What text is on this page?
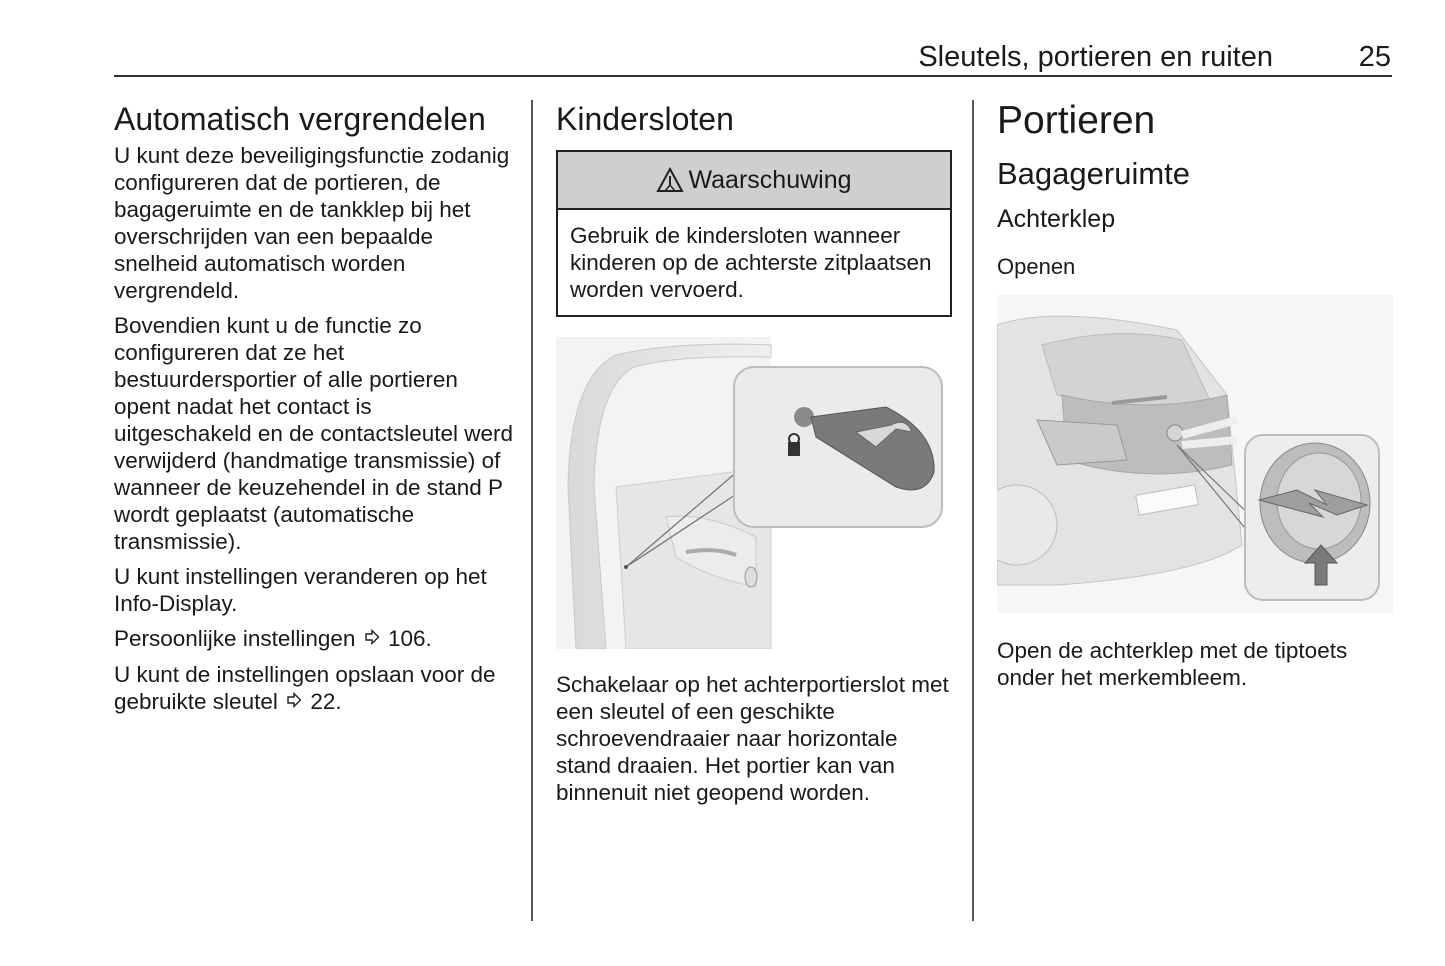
Sleutels, portieren en ruiten	25
Automatisch vergrendelen

U kunt deze beveiligingsfunctie zodanig configureren dat de portieren, de bagageruimte en de tankklep bij het overschrijden van een bepaalde snelheid automatisch worden vergrendeld.

Bovendien kunt u de functie zo configureren dat ze het bestuurdersportier of alle portieren opent nadat het contact is uitgeschakeld en de contactsleutel werd verwijderd (handmatige transmissie) of wanneer de keuzehendel in de stand P wordt geplaatst (automatische transmissie).

U kunt instellingen veranderen op het Info-Display.

Persoonlijke instellingen 106.

U kunt de instellingen opslaan voor de gebruikte sleutel 22.

Kindersloten
Waarschuwing
Gebruik de kindersloten wanneer kinderen op de achterste zitplaatsen worden vervoerd.

Schakelaar op het achterportierslot met een sleutel of een geschikte schroevendraaier naar horizontale stand draaien. Het portier kan van binnenuit niet geopend worden.

Portieren
Bagageruimte
Achterklep
Openen

Open de achterklep met de tiptoets onder het merkembleem.
